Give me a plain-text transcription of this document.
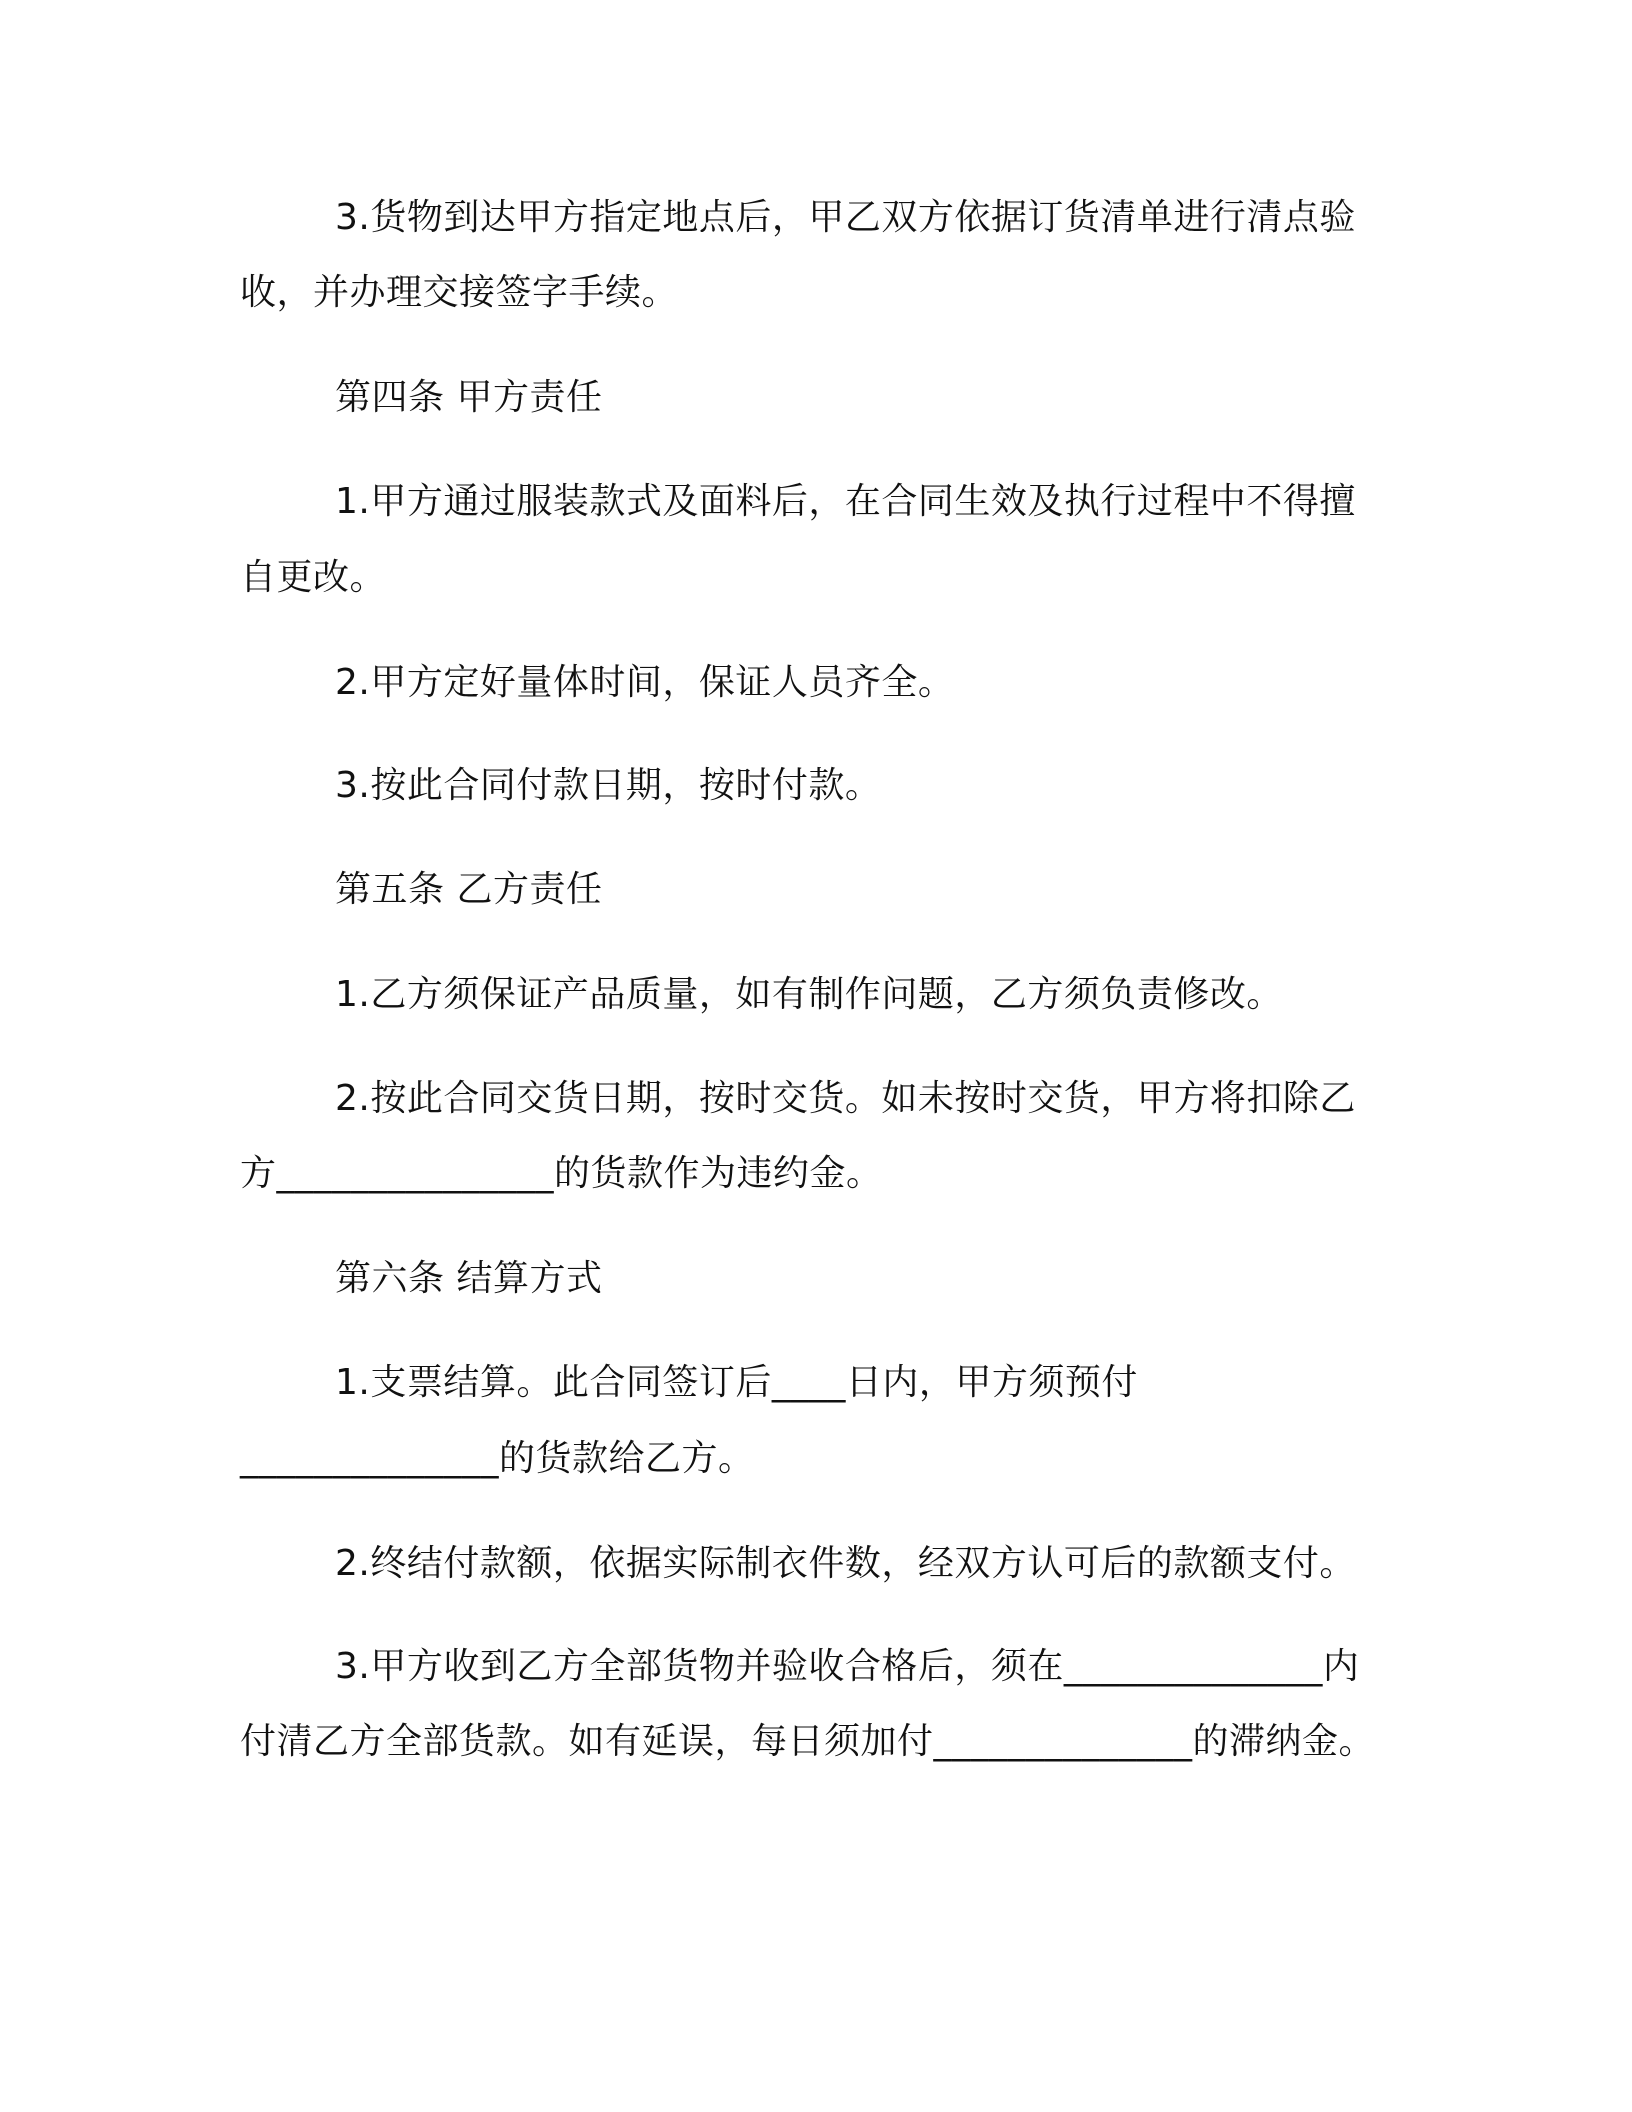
3.货物到达甲方指定地点后，甲乙双方依据订货清单进行清点验
收，并办理交接签字手续。
第四条 甲方责任
1.甲方通过服装款式及面料后，在合同生效及执行过程中不得擅
自更改。
2.甲方定好量体时间，保证人员齐全。
3.按此合同付款日期，按时付款。
第五条 乙方责任
1.乙方须保证产品质量，如有制作问题，乙方须负责修改。
2.按此合同交货日期，按时交货。如未按时交货，甲方将扣除乙
方_______________的货款作为违约金。
第六条 结算方式
1.支票结算。此合同签订后____日内，甲方须预付
______________的货款给乙方。
2.终结付款额，依据实际制衣件数，经双方认可后的款额支付。
3.甲方收到乙方全部货物并验收合格后，须在______________内
付清乙方全部货款。如有延误，每日须加付______________的滞纳金。
